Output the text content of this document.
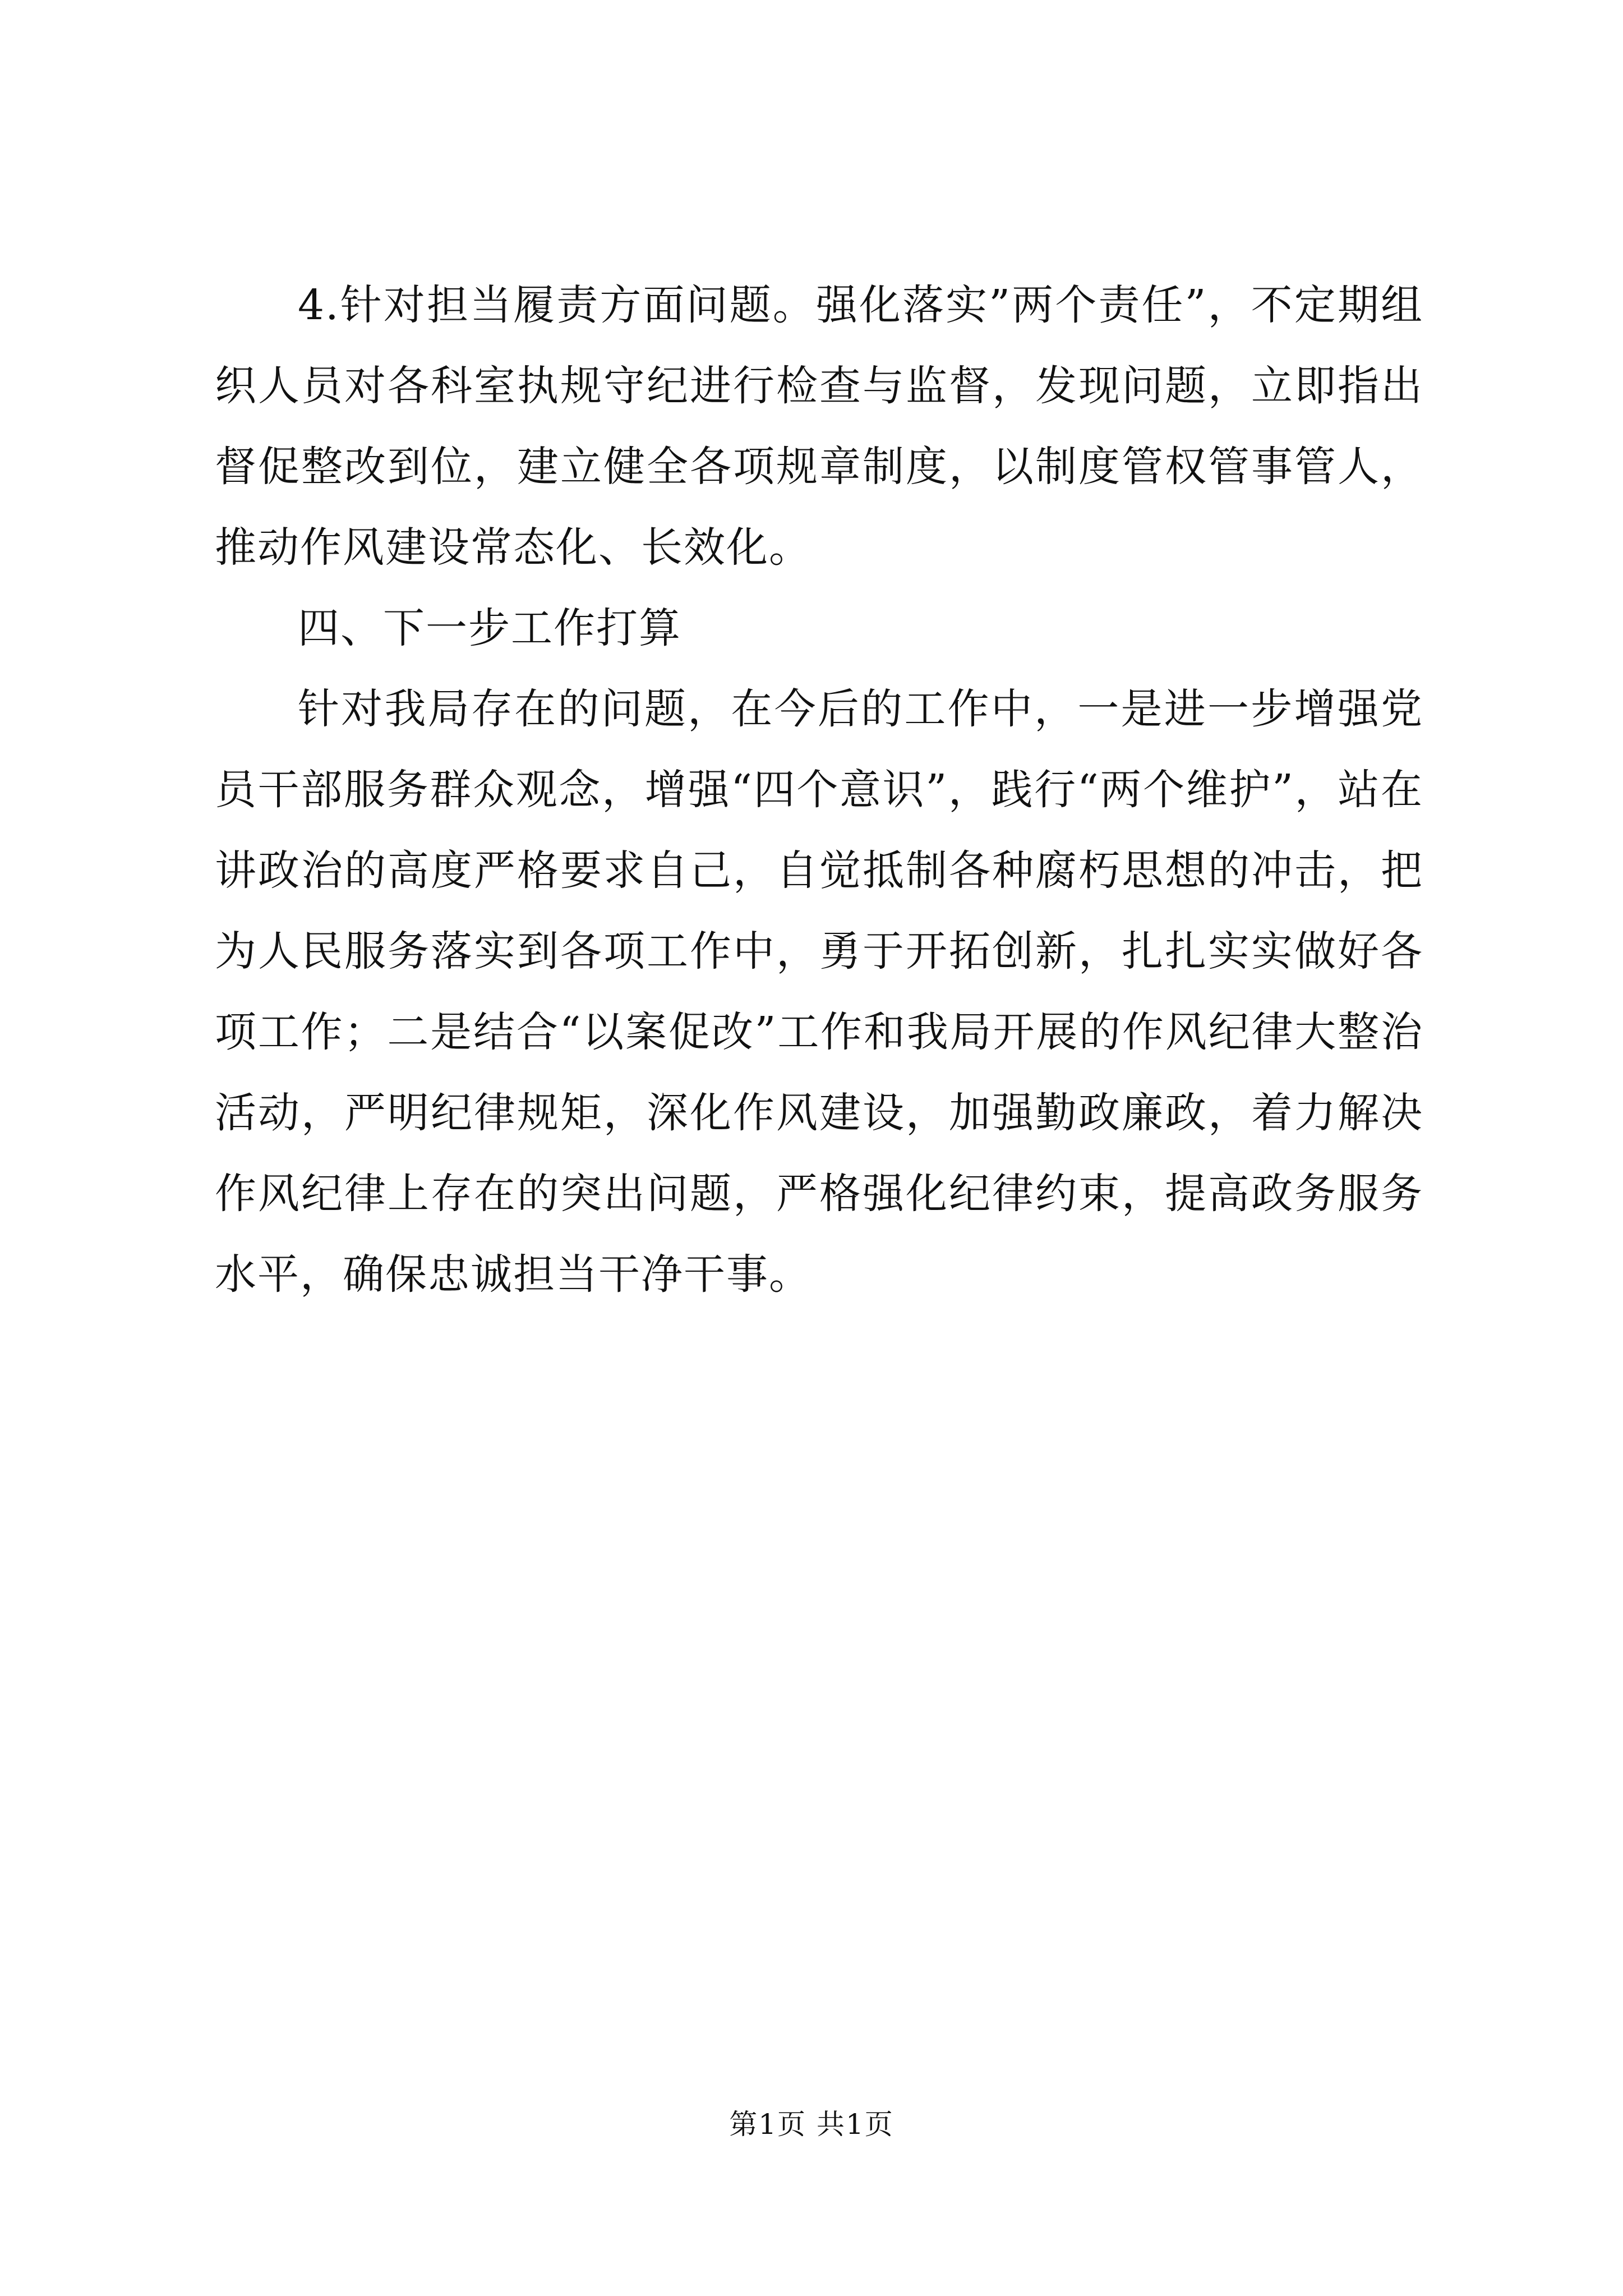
4.针对担当履责方面问题。强化落实”两个责任”，不定期组织人员对各科室执规守纪进行检查与监督，发现问题，立即指出督促整改到位，建立健全各项规章制度，以制度管权管事管人，推动作风建设常态化、长效化。

四、下一步工作打算

针对我局存在的问题，在今后的工作中，一是进一步增强党员干部服务群众观念，增强“四个意识”，践行“两个维护”，站在讲政治的高度严格要求自己，自觉抵制各种腐朽思想的冲击，把为人民服务落实到各项工作中，勇于开拓创新，扎扎实实做好各项工作；二是结合“以案促改”工作和我局开展的作风纪律大整治活动，严明纪律规矩，深化作风建设，加强勤政廉政，着力解决作风纪律上存在的突出问题，严格强化纪律约束，提高政务服务水平，确保忠诚担当干净干事。

第1页 共1页
